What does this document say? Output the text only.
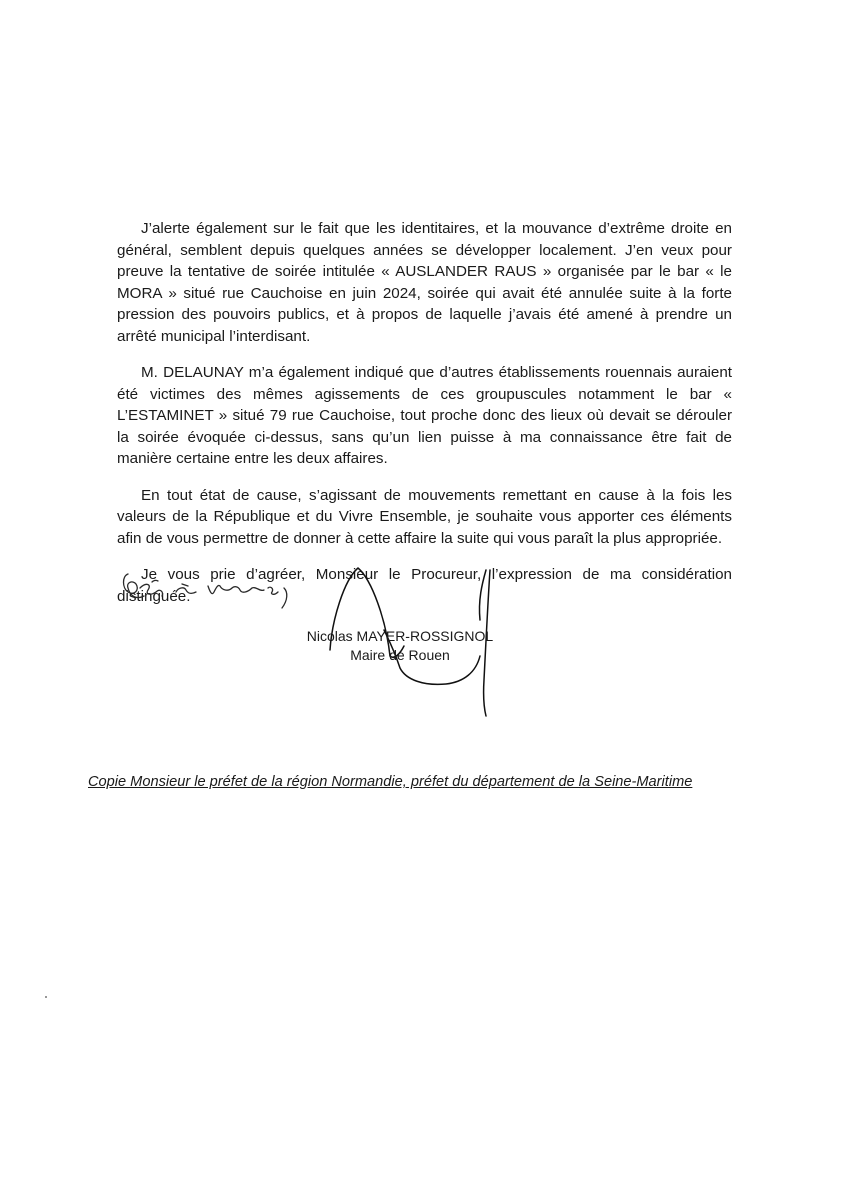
J’alerte également sur le fait que les identitaires, et la mouvance d’extrême droite en général, semblent depuis quelques années se développer localement. J’en veux pour preuve la tentative de soirée intitulée « AUSLANDER RAUS » organisée par le bar « le MORA » situé rue Cauchoise en juin 2024, soirée qui avait été annulée suite à la forte pression des pouvoirs publics, et à propos de laquelle j’avais été amené à prendre un arrêté municipal l’interdisant.

M. DELAUNAY m’a également indiqué que d’autres établissements rouennais auraient été victimes des mêmes agissements de ces groupuscules notamment le bar « L’ESTAMINET » situé 79 rue Cauchoise, tout proche donc des lieux où devait se dérouler la soirée évoquée ci-dessus, sans qu’un lien puisse à ma connaissance être fait de manière certaine entre les deux affaires.

En tout état de cause, s’agissant de mouvements remettant en cause à la fois les valeurs de la République et du Vivre Ensemble, je souhaite vous apporter ces éléments afin de vous permettre de donner à cette affaire la suite qui vous paraît la plus appropriée.

Je vous prie d’agréer, Monsieur le Procureur, l’expression de ma considération distinguée.

Nicolas MAYER-ROSSIGNOL
Maire de Rouen
Copie Monsieur le préfet de la région Normandie, préfet du département de la Seine-Maritime
